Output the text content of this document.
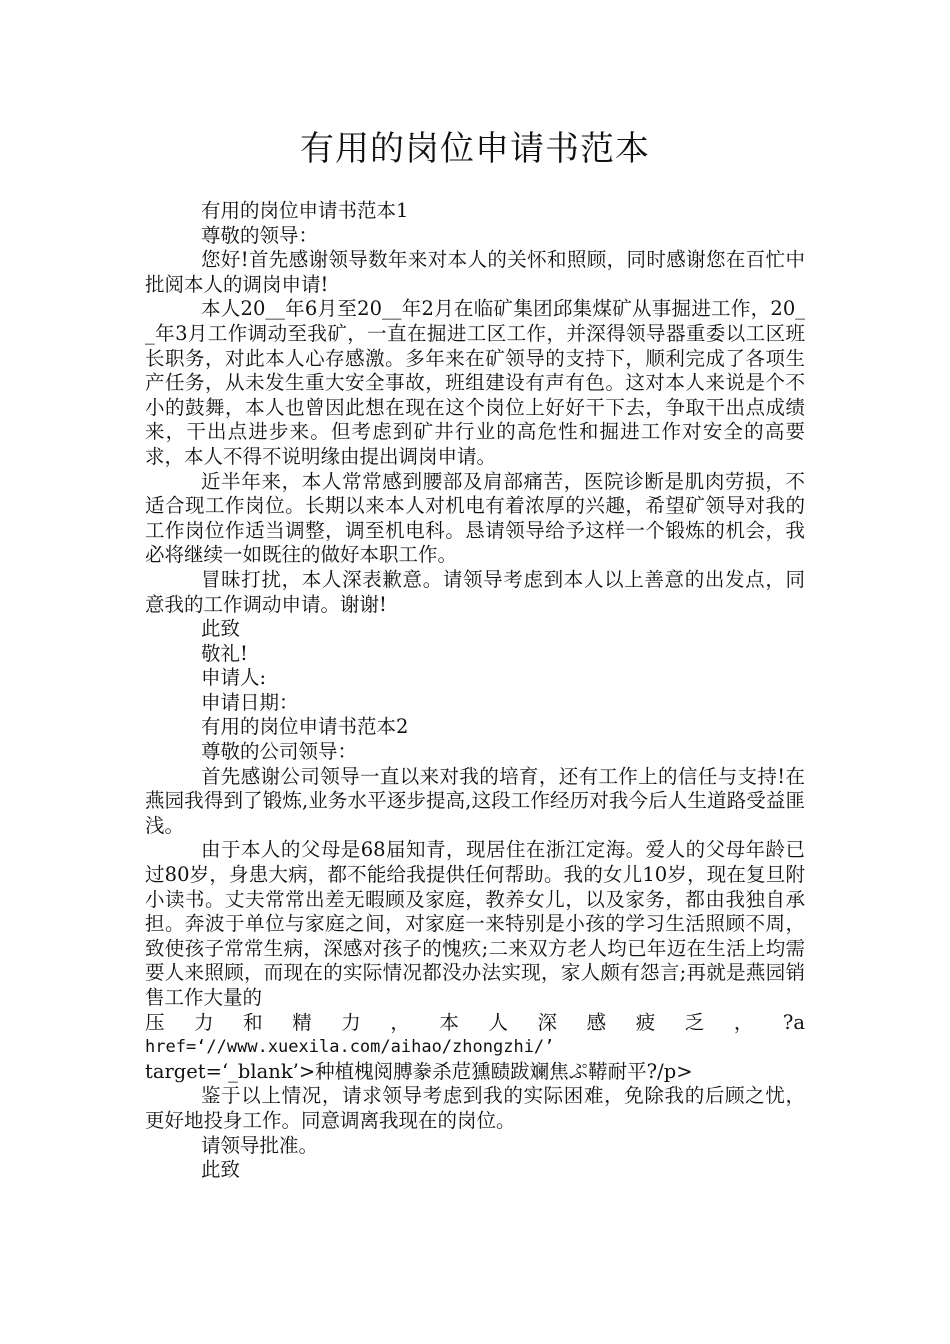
有用的岗位申请书范本

有用的岗位申请书范本1

尊敬的领导：

您好!首先感谢领导数年来对本人的关怀和照顾，同时感谢您在百忙中批阅本人的调岗申请!

本人20__年6月至20__年2月在临矿集团邱集煤矿从事掘进工作，20__年3月工作调动至我矿，一直在掘进工区工作，并深得领导器重委以工区班长职务，对此本人心存感激。多年来在矿领导的支持下，顺利完成了各项生产任务，从未发生重大安全事故，班组建设有声有色。这对本人来说是个不小的鼓舞，本人也曾因此想在现在这个岗位上好好干下去，争取干出点成绩来，干出点进步来。但考虑到矿井行业的高危性和掘进工作对安全的高要求，本人不得不说明缘由提出调岗申请。

近半年来，本人常常感到腰部及肩部痛苦，医院诊断是肌肉劳损，不适合现工作岗位。长期以来本人对机电有着浓厚的兴趣，希望矿领导对我的工作岗位作适当调整，调至机电科。恳请领导给予这样一个锻炼的机会，我必将继续一如既往的做好本职工作。

冒昧打扰，本人深表歉意。请领导考虑到本人以上善意的出发点，同意我的工作调动申请。谢谢!

此致

敬礼!

申请人:

申请日期：

有用的岗位申请书范本2

尊敬的公司领导：

首先感谢公司领导一直以来对我的培育，还有工作上的信任与支持!在燕园我得到了锻炼,业务水平逐步提高,这段工作经历对我今后人生道路受益匪浅。

由于本人的父母是68届知青，现居住在浙江定海。爱人的父母年龄已过80岁，身患大病，都不能给我提供任何帮助。我的女儿10岁，现在复旦附小读书。丈夫常常出差无暇顾及家庭，教养女儿，以及家务，都由我独自承担。奔波于单位与家庭之间，对家庭一来特别是小孩的学习生活照顾不周，致使孩子常常生病，深感对孩子的愧疚;二来双方老人均已年迈在生活上均需要人来照顾，而现在的实际情况都没办法实现，家人颇有怨言;再就是燕园销售工作大量的

压力和精力，本人深感疲乏，?a

href=‘//www.xuexila.com/aihao/zhongzhi/’

target=‘_blank’>种植槐阅膊豢杀苊獯赜跋斓焦ぷ鞯耐平?/p>

鉴于以上情况，请求领导考虑到我的实际困难，免除我的后顾之忧，更好地投身工作。同意调离我现在的岗位。

请领导批准。

此致
